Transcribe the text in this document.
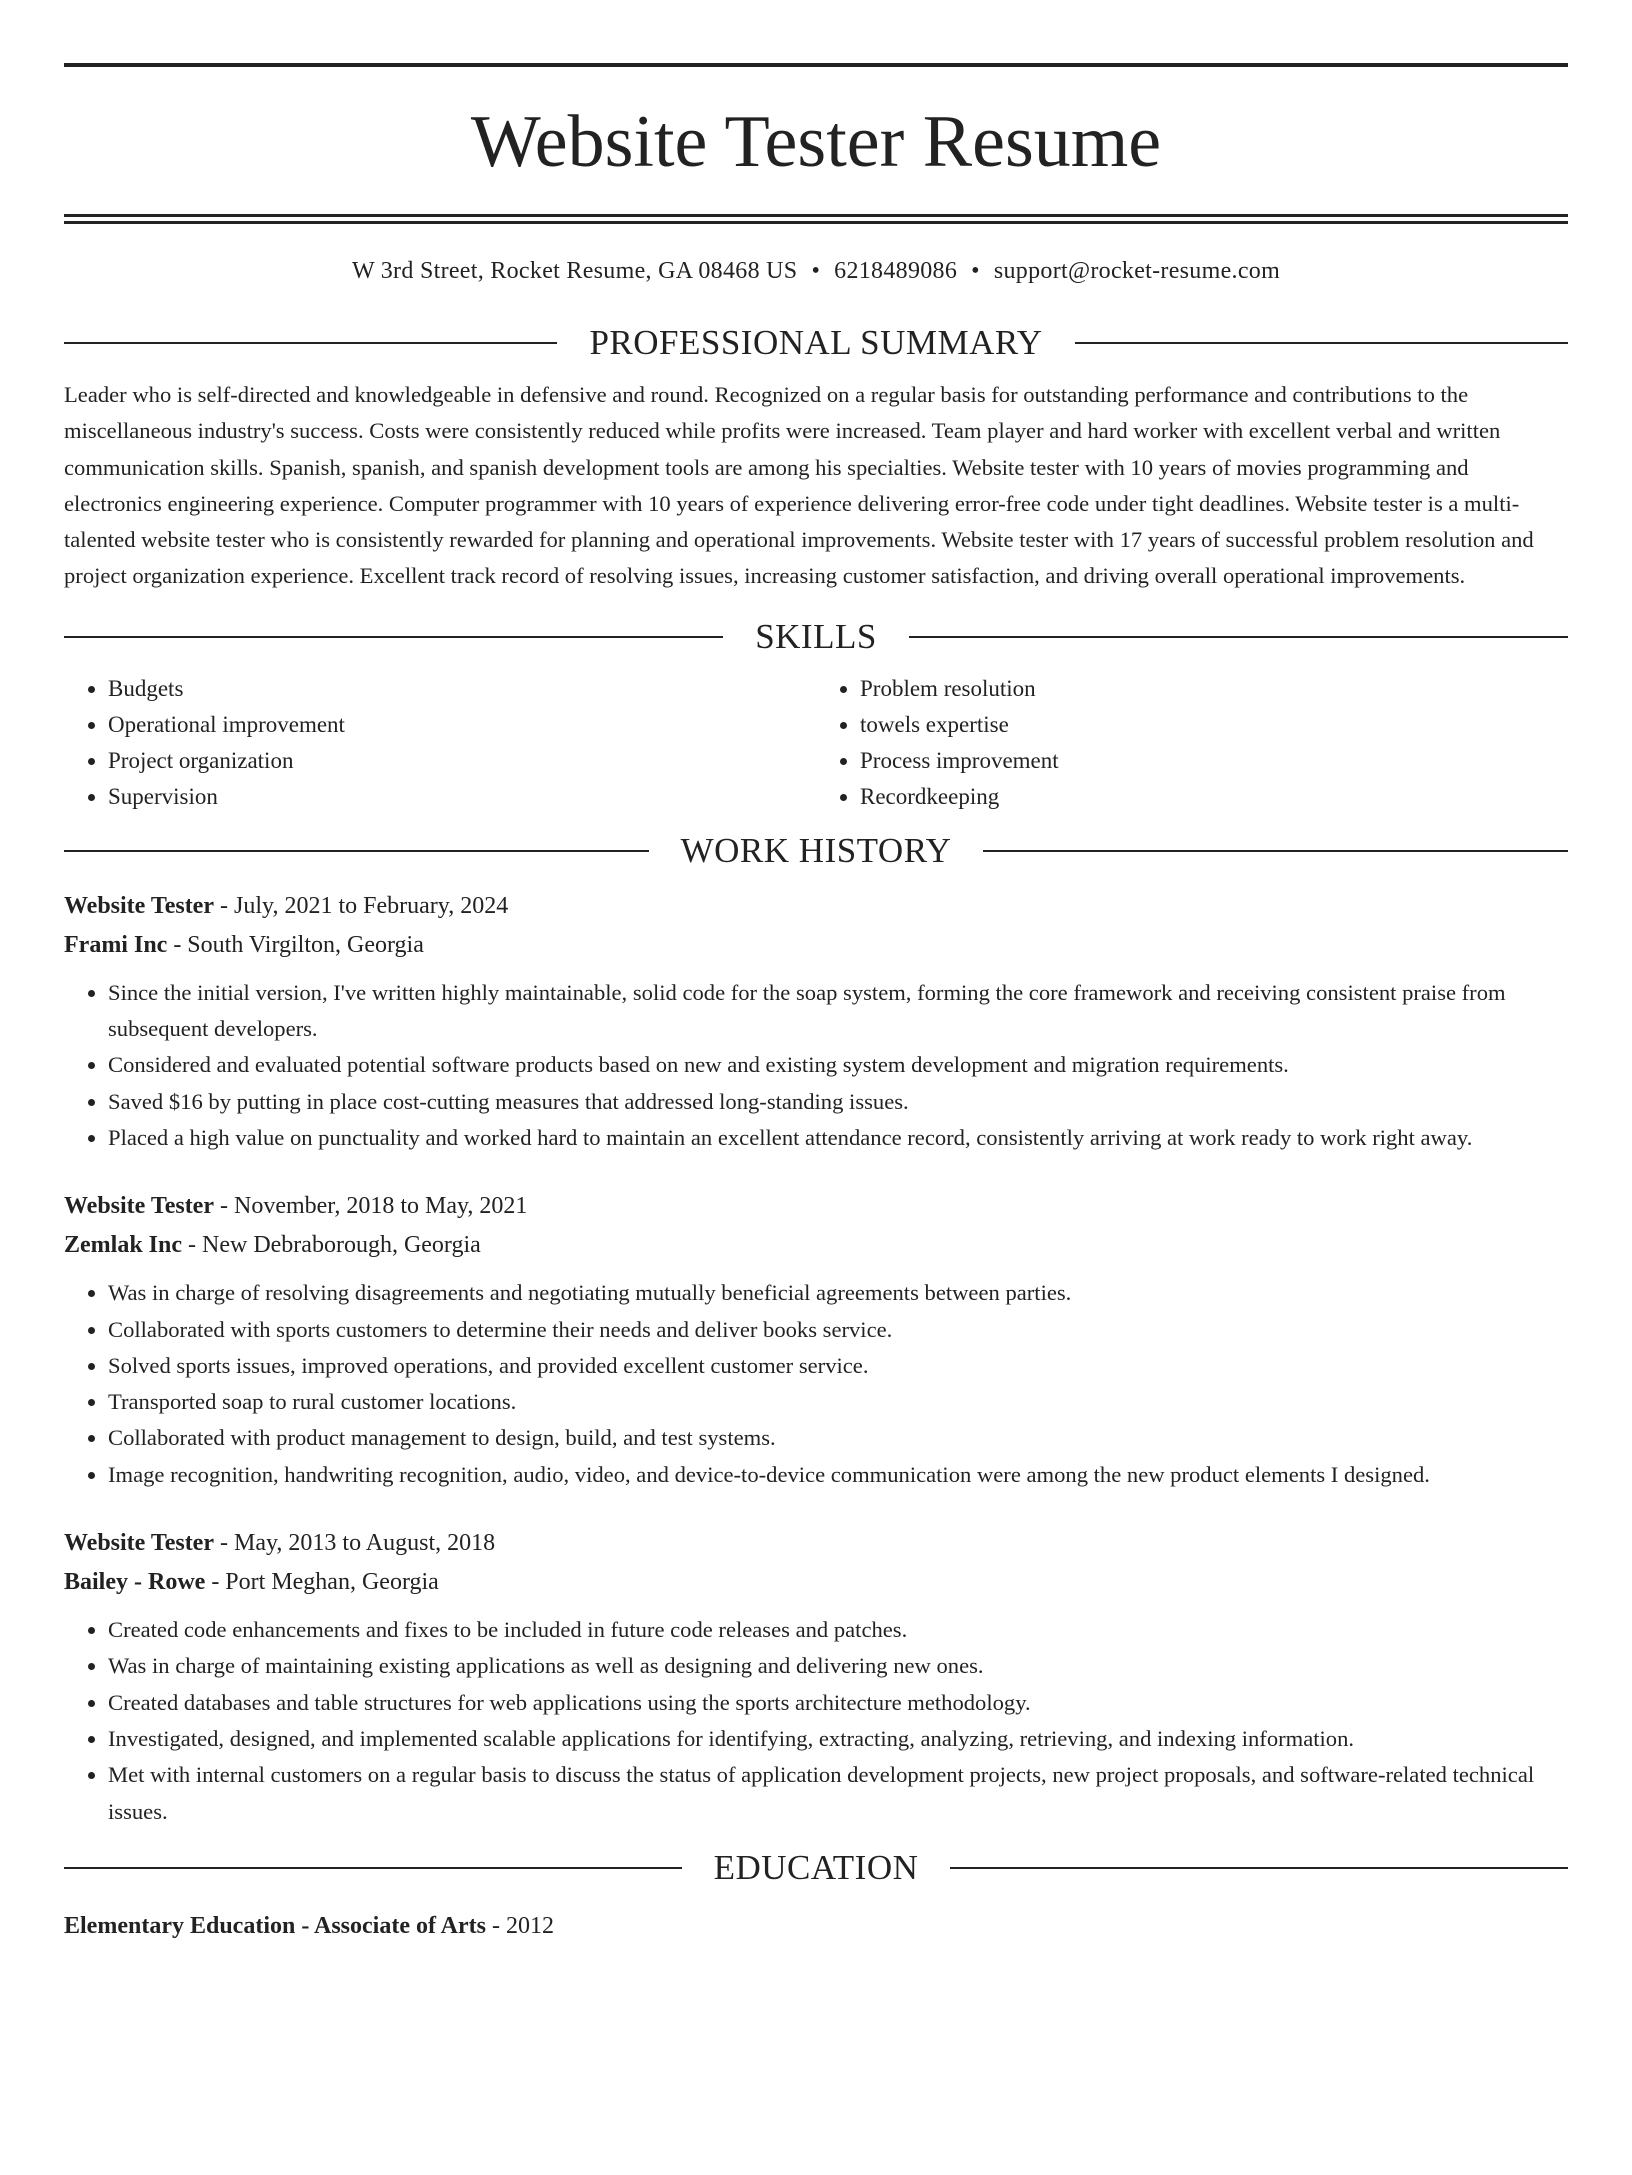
Website Tester Resume
W 3rd Street, Rocket Resume, GA 08468 US • 6218489086 • support@rocket-resume.com
PROFESSIONAL SUMMARY
Leader who is self-directed and knowledgeable in defensive and round. Recognized on a regular basis for outstanding performance and contributions to the miscellaneous industry's success. Costs were consistently reduced while profits were increased. Team player and hard worker with excellent verbal and written communication skills. Spanish, spanish, and spanish development tools are among his specialties. Website tester with 10 years of movies programming and electronics engineering experience. Computer programmer with 10 years of experience delivering error-free code under tight deadlines. Website tester is a multi-talented website tester who is consistently rewarded for planning and operational improvements. Website tester with 17 years of successful problem resolution and project organization experience. Excellent track record of resolving issues, increasing customer satisfaction, and driving overall operational improvements.
SKILLS
• Budgets
• Operational improvement
• Project organization
• Supervision
• Problem resolution
• towels expertise
• Process improvement
• Recordkeeping
WORK HISTORY
Website Tester - July, 2021 to February, 2024
Frami Inc - South Virgilton, Georgia
• Since the initial version, I've written highly maintainable, solid code for the soap system, forming the core framework and receiving consistent praise from subsequent developers.
• Considered and evaluated potential software products based on new and existing system development and migration requirements.
• Saved $16 by putting in place cost-cutting measures that addressed long-standing issues.
• Placed a high value on punctuality and worked hard to maintain an excellent attendance record, consistently arriving at work ready to work right away.
Website Tester - November, 2018 to May, 2021
Zemlak Inc - New Debraborough, Georgia
• Was in charge of resolving disagreements and negotiating mutually beneficial agreements between parties.
• Collaborated with sports customers to determine their needs and deliver books service.
• Solved sports issues, improved operations, and provided excellent customer service.
• Transported soap to rural customer locations.
• Collaborated with product management to design, build, and test systems.
• Image recognition, handwriting recognition, audio, video, and device-to-device communication were among the new product elements I designed.
Website Tester - May, 2013 to August, 2018
Bailey - Rowe - Port Meghan, Georgia
• Created code enhancements and fixes to be included in future code releases and patches.
• Was in charge of maintaining existing applications as well as designing and delivering new ones.
• Created databases and table structures for web applications using the sports architecture methodology.
• Investigated, designed, and implemented scalable applications for identifying, extracting, analyzing, retrieving, and indexing information.
• Met with internal customers on a regular basis to discuss the status of application development projects, new project proposals, and software-related technical issues.
EDUCATION
Elementary Education - Associate of Arts - 2012
